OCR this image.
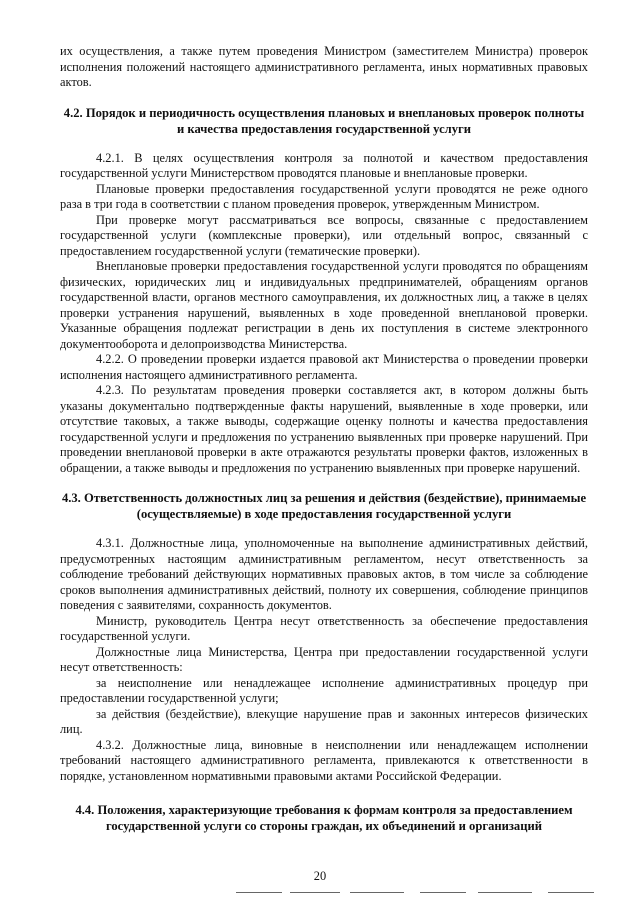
их осуществления, а также путем проведения Министром (заместителем Министра) проверок исполнения положений настоящего административного регламента, иных нормативных правовых актов.

4.2. Порядок и периодичность осуществления плановых и внеплановых проверок полноты и качества предоставления государственной услуги

4.2.1. В целях осуществления контроля за полнотой и качеством предоставления государственной услуги Министерством проводятся плановые и внеплановые проверки.

Плановые проверки предоставления государственной услуги проводятся не реже одного раза в три года в соответствии с планом проведения проверок, утвержденным Министром.

При проверке могут рассматриваться все вопросы, связанные с предоставлением государственной услуги (комплексные проверки), или отдельный вопрос, связанный с предоставлением государственной услуги (тематические проверки).

Внеплановые проверки предоставления государственной услуги проводятся по обращениям физических, юридических лиц и индивидуальных предпринимателей, обращениям органов государственной власти, органов местного самоуправления, их должностных лиц, а также в целях проверки устранения нарушений, выявленных в ходе проведенной внеплановой проверки. Указанные обращения подлежат регистрации в день их поступления в системе электронного документооборота и делопроизводства Министерства.

4.2.2. О проведении проверки издается правовой акт Министерства о проведении проверки исполнения настоящего административного регламента.

4.2.3. По результатам проведения проверки составляется акт, в котором должны быть указаны документально подтвержденные факты нарушений, выявленные в ходе проверки, или отсутствие таковых, а также выводы, содержащие оценку полноты и качества предоставления государственной услуги и предложения по устранению выявленных при проверке нарушений. При проведении внеплановой проверки в акте отражаются результаты проверки фактов, изложенных в обращении, а также выводы и предложения по устранению выявленных при проверке нарушений.

4.3. Ответственность должностных лиц за решения и действия (бездействие), принимаемые (осуществляемые) в ходе предоставления государственной услуги

4.3.1. Должностные лица, уполномоченные на выполнение административных действий, предусмотренных настоящим административным регламентом, несут ответственность за соблюдение требований действующих нормативных правовых актов, в том числе за соблюдение сроков выполнения административных действий, полноту их совершения, соблюдение принципов поведения с заявителями, сохранность документов.

Министр, руководитель Центра несут ответственность за обеспечение предоставления государственной услуги.

Должностные лица Министерства, Центра при предоставлении государственной услуги несут ответственность:

за неисполнение или ненадлежащее исполнение административных процедур при предоставлении государственной услуги;

за действия (бездействие), влекущие нарушение прав и законных интересов физических лиц.

4.3.2. Должностные лица, виновные в неисполнении или ненадлежащем исполнении требований настоящего административного регламента, привлекаются к ответственности в порядке, установленном нормативными правовыми актами Российской Федерации.

4.4. Положения, характеризующие требования к формам контроля за предоставлением государственной услуги со стороны граждан, их объединений и организаций
20
